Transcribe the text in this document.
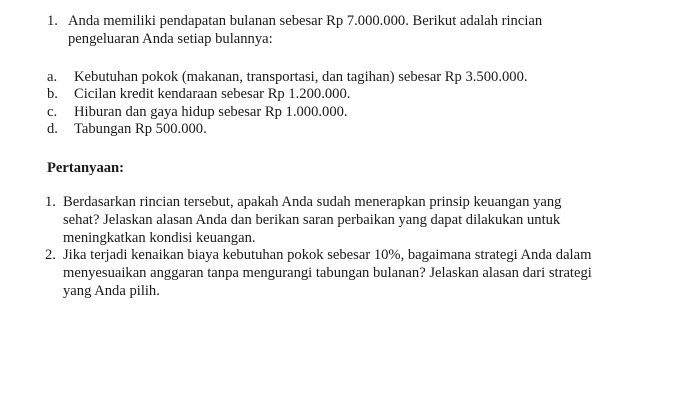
1. Anda memiliki pendapatan bulanan sebesar Rp 7.000.000. Berikut adalah rincian
pengeluaran Anda setiap bulannya:
a. Kebutuhan pokok (makanan, transportasi, dan tagihan) sebesar Rp 3.500.000.
b. Cicilan kredit kendaraan sebesar Rp 1.200.000.
c. Hiburan dan gaya hidup sebesar Rp 1.000.000.
d. Tabungan Rp 500.000.
Pertanyaan:
1. Berdasarkan rincian tersebut, apakah Anda sudah menerapkan prinsip keuangan yang
sehat? Jelaskan alasan Anda dan berikan saran perbaikan yang dapat dilakukan untuk
meningkatkan kondisi keuangan.
2. Jika terjadi kenaikan biaya kebutuhan pokok sebesar 10%, bagaimana strategi Anda dalam
menyesuaikan anggaran tanpa mengurangi tabungan bulanan? Jelaskan alasan dari strategi
yang Anda pilih.
